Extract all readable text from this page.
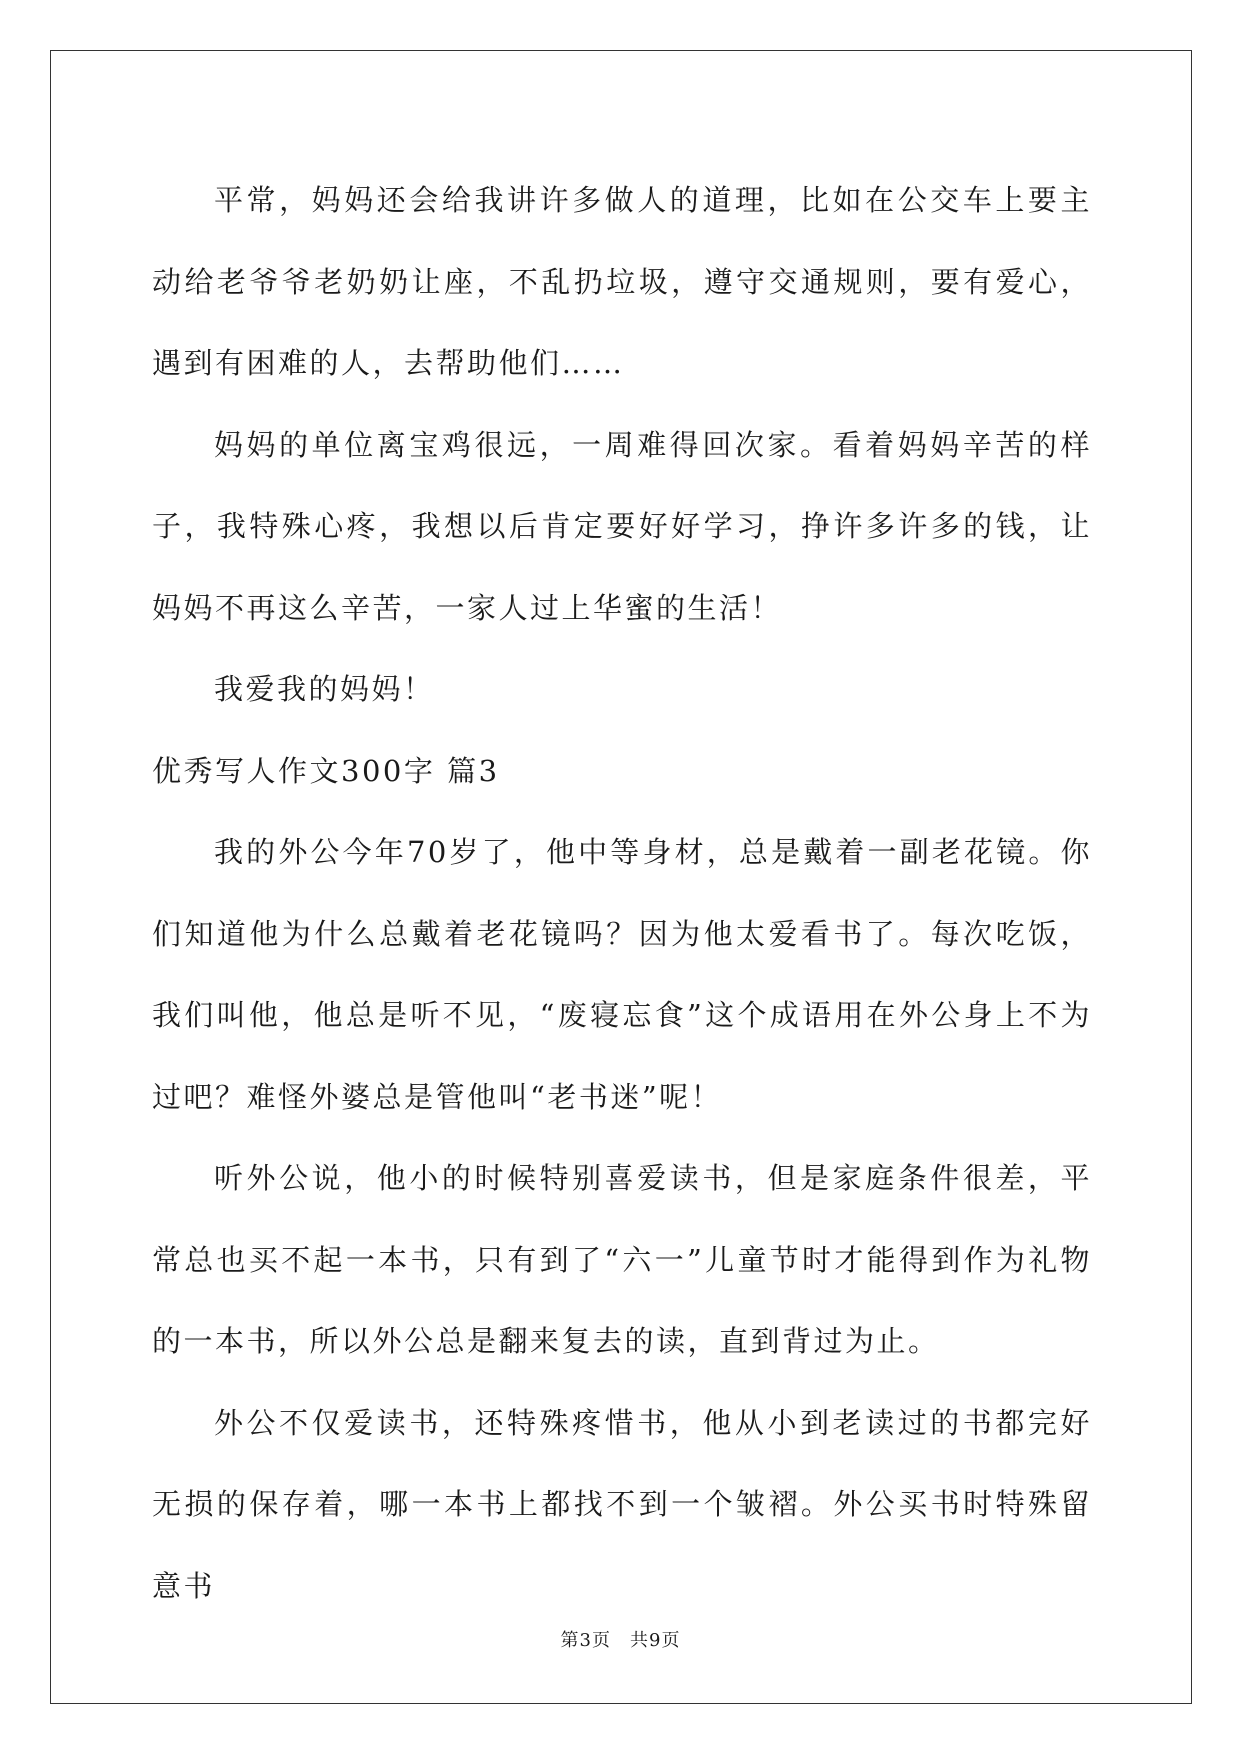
平常，妈妈还会给我讲许多做人的道理，比如在公交车上要主动给老爷爷老奶奶让座，不乱扔垃圾，遵守交通规则，要有爱心，遇到有困难的人，去帮助他们……

妈妈的单位离宝鸡很远，一周难得回次家。看着妈妈辛苦的样子，我特殊心疼，我想以后肯定要好好学习，挣许多许多的钱，让妈妈不再这么辛苦，一家人过上华蜜的生活！

我爱我的妈妈！

优秀写人作文300字 篇3

我的外公今年70岁了，他中等身材，总是戴着一副老花镜。你们知道他为什么总戴着老花镜吗？因为他太爱看书了。每次吃饭，我们叫他，他总是听不见，“废寝忘食”这个成语用在外公身上不为过吧？难怪外婆总是管他叫“老书迷”呢！

听外公说，他小的时候特别喜爱读书，但是家庭条件很差，平常总也买不起一本书，只有到了“六一”儿童节时才能得到作为礼物的一本书，所以外公总是翻来复去的读，直到背过为止。

外公不仅爱读书，还特殊疼惜书，他从小到老读过的书都完好无损的保存着，哪一本书上都找不到一个皱褶。外公买书时特殊留意书

第3页　共9页
